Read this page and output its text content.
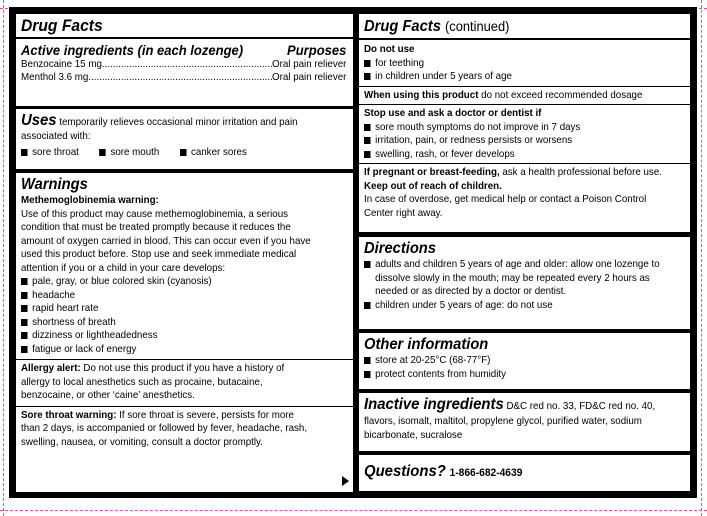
Drug Facts
Active ingredients (in each lozenge)	Purposes
Benzocaine 15 mg .....	Oral pain reliever
Menthol 3.6 mg .....	Oral pain reliever
Uses temporarily relieves occasional minor irritation and pain
associated with:
sore throat	sore mouth	canker sores
Warnings
Methemoglobinemia warning:
Use of this product may cause methemoglobinemia, a serious
condition that must be treated promptly because it reduces the
amount of oxygen carried in blood. This can occur even if you have
used this product before. Stop use and seek immediate medical
attention if you or a child in your care develops:
pale, gray, or blue colored skin (cyanosis)
headache
rapid heart rate
shortness of breath
dizziness or lightheadedness
fatigue or lack of energy
Allergy alert: Do not use this product if you have a history of
allergy to local anesthetics such as procaine, butacaine,
benzocaine, or other ‘caine’ anesthetics.
Sore throat warning: If sore throat is severe, persists for more
than 2 days, is accompanied or followed by fever, headache, rash,
swelling, nausea, or vomiting, consult a doctor promptly.
Drug Facts (continued)
Do not use
for teething
in children under 5 years of age
When using this product do not exceed recommended dosage
Stop use and ask a doctor or dentist if
sore mouth symptoms do not improve in 7 days
irritation, pain, or redness persists or worsens
swelling, rash, or fever develops
If pregnant or breast-feeding, ask a health professional before use.
Keep out of reach of children.
In case of overdose, get medical help or contact a Poison Control
Center right away.
Directions
adults and children 5 years of age and older: allow one lozenge to
dissolve slowly in the mouth; may be repeated every 2 hours as
needed or as directed by a doctor or dentist.
children under 5 years of age: do not use
Other information
store at 20-25°C (68-77°F)
protect contents from humidity
Inactive ingredients D&C red no. 33, FD&C red no. 40,
flavors, isomalt, maltitol, propylene glycol, purified water, sodium
bicarbonate, sucralose
Questions? 1-866-682-4639
